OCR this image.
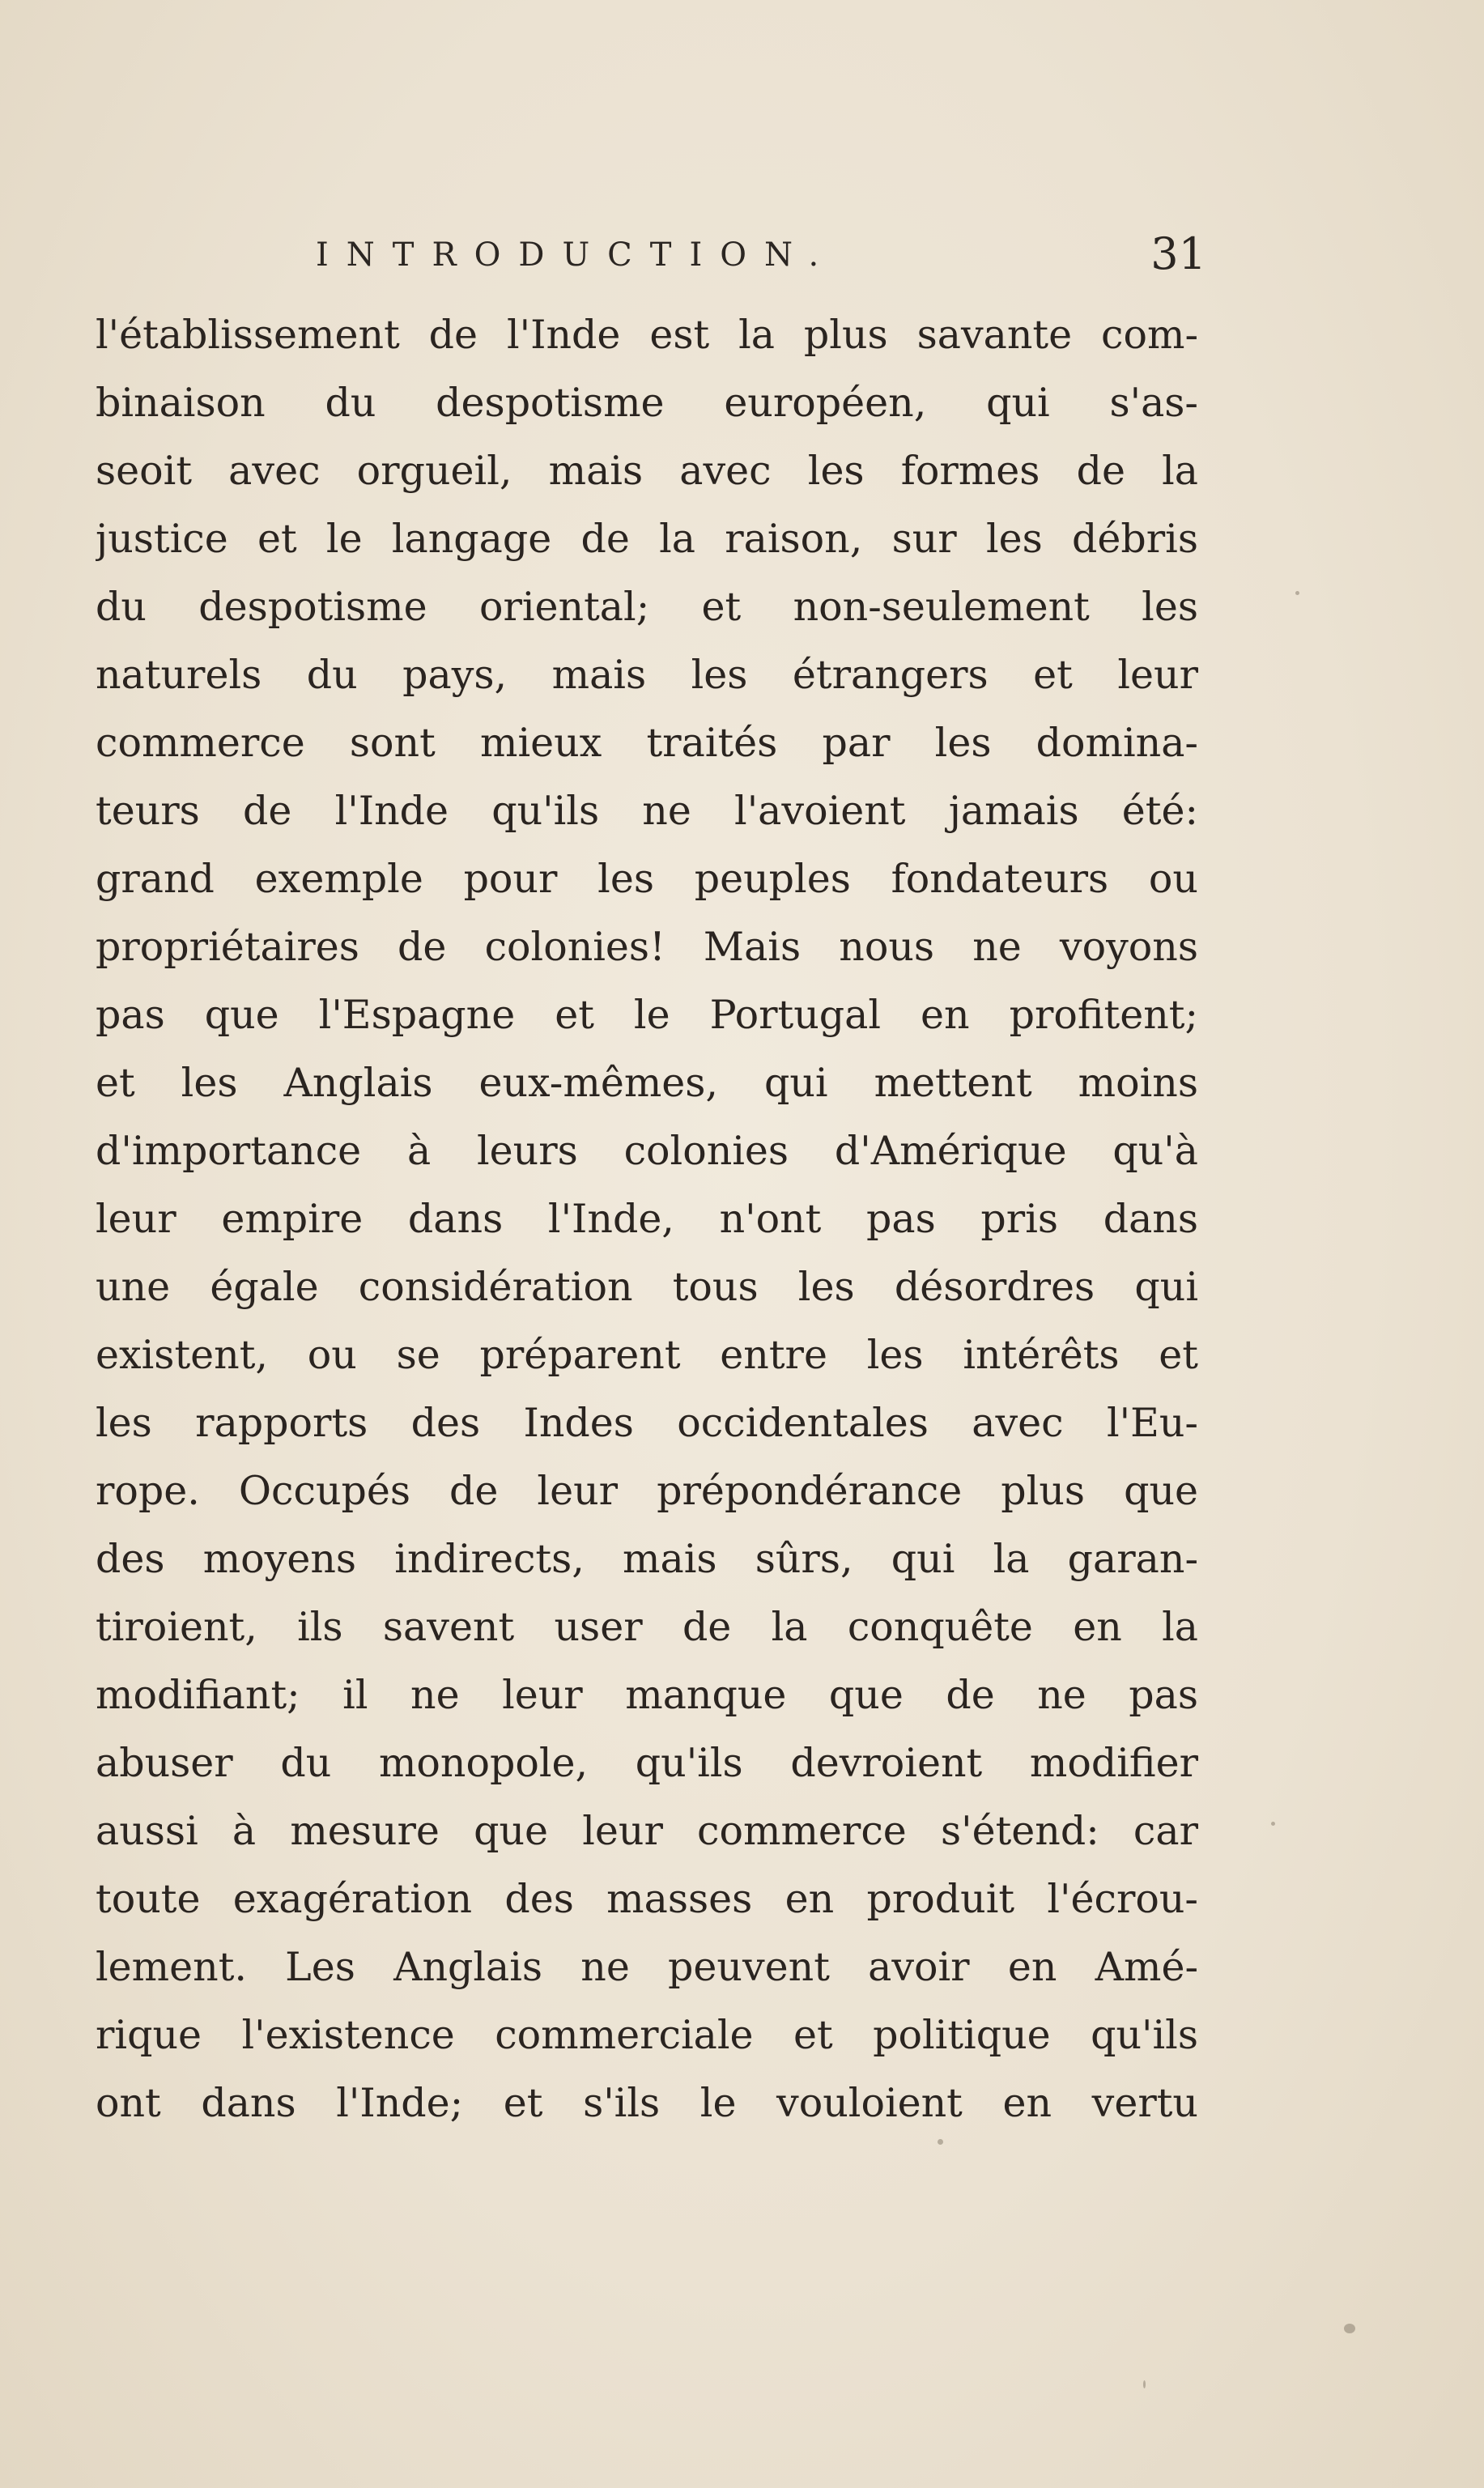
INTRODUCTION.	31
l'établissement de l'Inde est la plus savante com-
binaison du despotisme européen, qui s'as-
seoit avec orgueil, mais avec les formes de la
justice et le langage de la raison, sur les débris
du despotisme oriental; et non-seulement les
naturels du pays, mais les étrangers et leur
commerce sont mieux traités par les domina-
teurs de l'Inde qu'ils ne l'avoient jamais été:
grand exemple pour les peuples fondateurs ou
propriétaires de colonies! Mais nous ne voyons
pas que l'Espagne et le Portugal en profitent;
et les Anglais eux-mêmes, qui mettent moins
d'importance à leurs colonies d'Amérique qu'à
leur empire dans l'Inde, n'ont pas pris dans
une égale considération tous les désordres qui
existent, ou se préparent entre les intérêts et
les rapports des Indes occidentales avec l'Eu-
rope. Occupés de leur prépondérance plus que
des moyens indirects, mais sûrs, qui la garan-
tiroient, ils savent user de la conquête en la
modifiant; il ne leur manque que de ne pas
abuser du monopole, qu'ils devroient modifier
aussi à mesure que leur commerce s'étend: car
toute exagération des masses en produit l'écrou-
lement. Les Anglais ne peuvent avoir en Amé-
rique l'existence commerciale et politique qu'ils
ont dans l'Inde; et s'ils le vouloient en vertu
